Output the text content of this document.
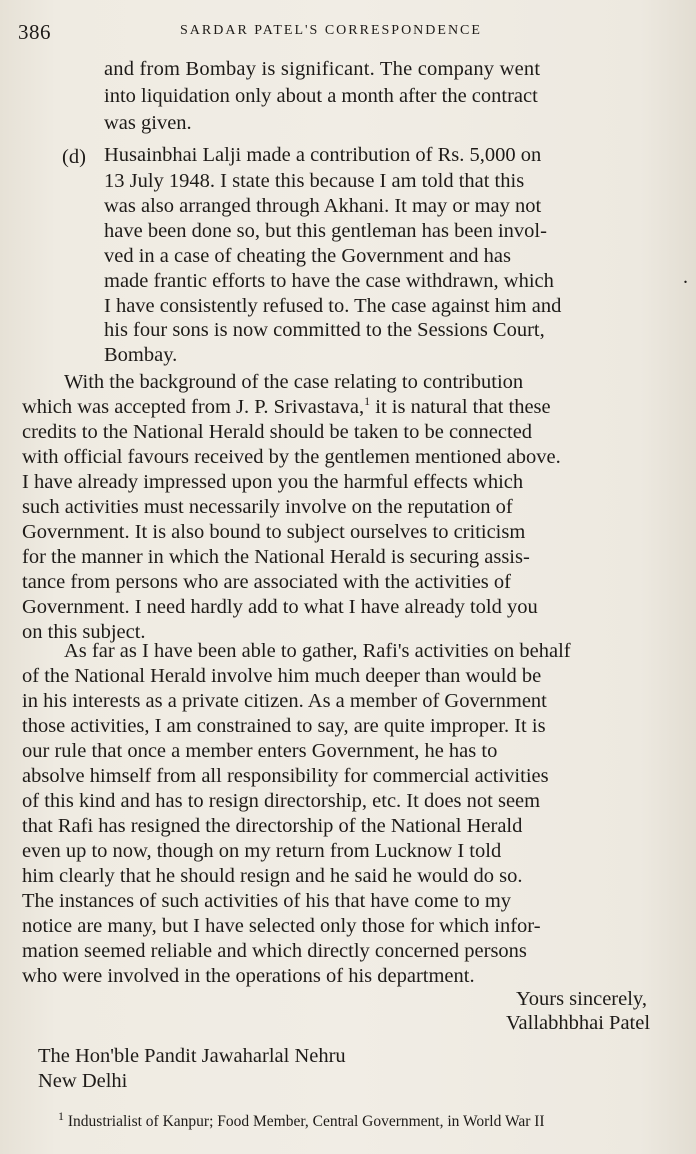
386	SARDAR PATEL'S CORRESPONDENCE
and from Bombay is significant. The company went
into liquidation only about a month after the contract
was given.
(d) Husainbhai Lalji made a contribution of Rs. 5,000 on
13 July 1948. I state this because I am told that this
was also arranged through Akhani. It may or may not
have been done so, but this gentleman has been invol-
ved in a case of cheating the Government and has
made frantic efforts to have the case withdrawn, which
I have consistently refused to. The case against him and
his four sons is now committed to the Sessions Court,
Bombay.
.
With the background of the case relating to contribution
which was accepted from J. P. Srivastava,$^1$ it is natural that these
credits to the National Herald should be taken to be connected
with official favours received by the gentlemen mentioned above.
I have already impressed upon you the harmful effects which
such activities must necessarily involve on the reputation of
Government. It is also bound to subject ourselves to criticism
for the manner in which the National Herald is securing assis-
tance from persons who are associated with the activities of
Government. I need hardly add to what I have already told you
on this subject.
As far as I have been able to gather, Rafi's activities on behalf
of the National Herald involve him much deeper than would be
in his interests as a private citizen. As a member of Government
those activities, I am constrained to say, are quite improper. It is
our rule that once a member enters Government, he has to
absolve himself from all responsibility for commercial activities
of this kind and has to resign directorship, etc. It does not seem
that Rafi has resigned the directorship of the National Herald
even up to now, though on my return from Lucknow I told
him clearly that he should resign and he said he would do so.
The instances of such activities of his that have come to my
notice are many, but I have selected only those for which infor-
mation seemed reliable and which directly concerned persons
who were involved in the operations of his department.
Yours sincerely,
Vallabhbhai Patel
The Hon'ble Pandit Jawaharlal Nehru
New Delhi
$^1$ Industrialist of Kanpur; Food Member, Central Government, in World War II
